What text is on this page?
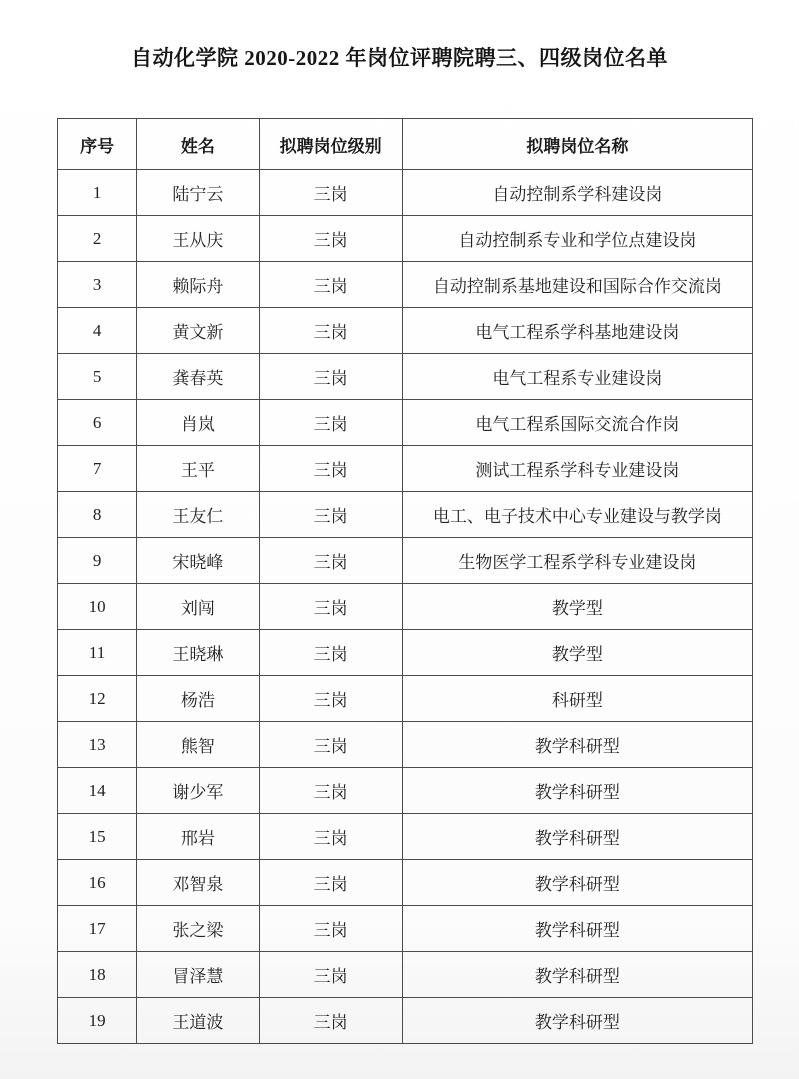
自动化学院 2020-2022 年岗位评聘院聘三、四级岗位名单
序号	姓名	拟聘岗位级别	拟聘岗位名称
1	陆宁云	三岗	自动控制系学科建设岗
2	王从庆	三岗	自动控制系专业和学位点建设岗
3	赖际舟	三岗	自动控制系基地建设和国际合作交流岗
4	黄文新	三岗	电气工程系学科基地建设岗
5	龚春英	三岗	电气工程系专业建设岗
6	肖岚	三岗	电气工程系国际交流合作岗
7	王平	三岗	测试工程系学科专业建设岗
8	王友仁	三岗	电工、电子技术中心专业建设与教学岗
9	宋晓峰	三岗	生物医学工程系学科专业建设岗
10	刘闯	三岗	教学型
11	王晓琳	三岗	教学型
12	杨浩	三岗	科研型
13	熊智	三岗	教学科研型
14	谢少军	三岗	教学科研型
15	邢岩	三岗	教学科研型
16	邓智泉	三岗	教学科研型
17	张之梁	三岗	教学科研型
18	冒泽慧	三岗	教学科研型
19	王道波	三岗	教学科研型
